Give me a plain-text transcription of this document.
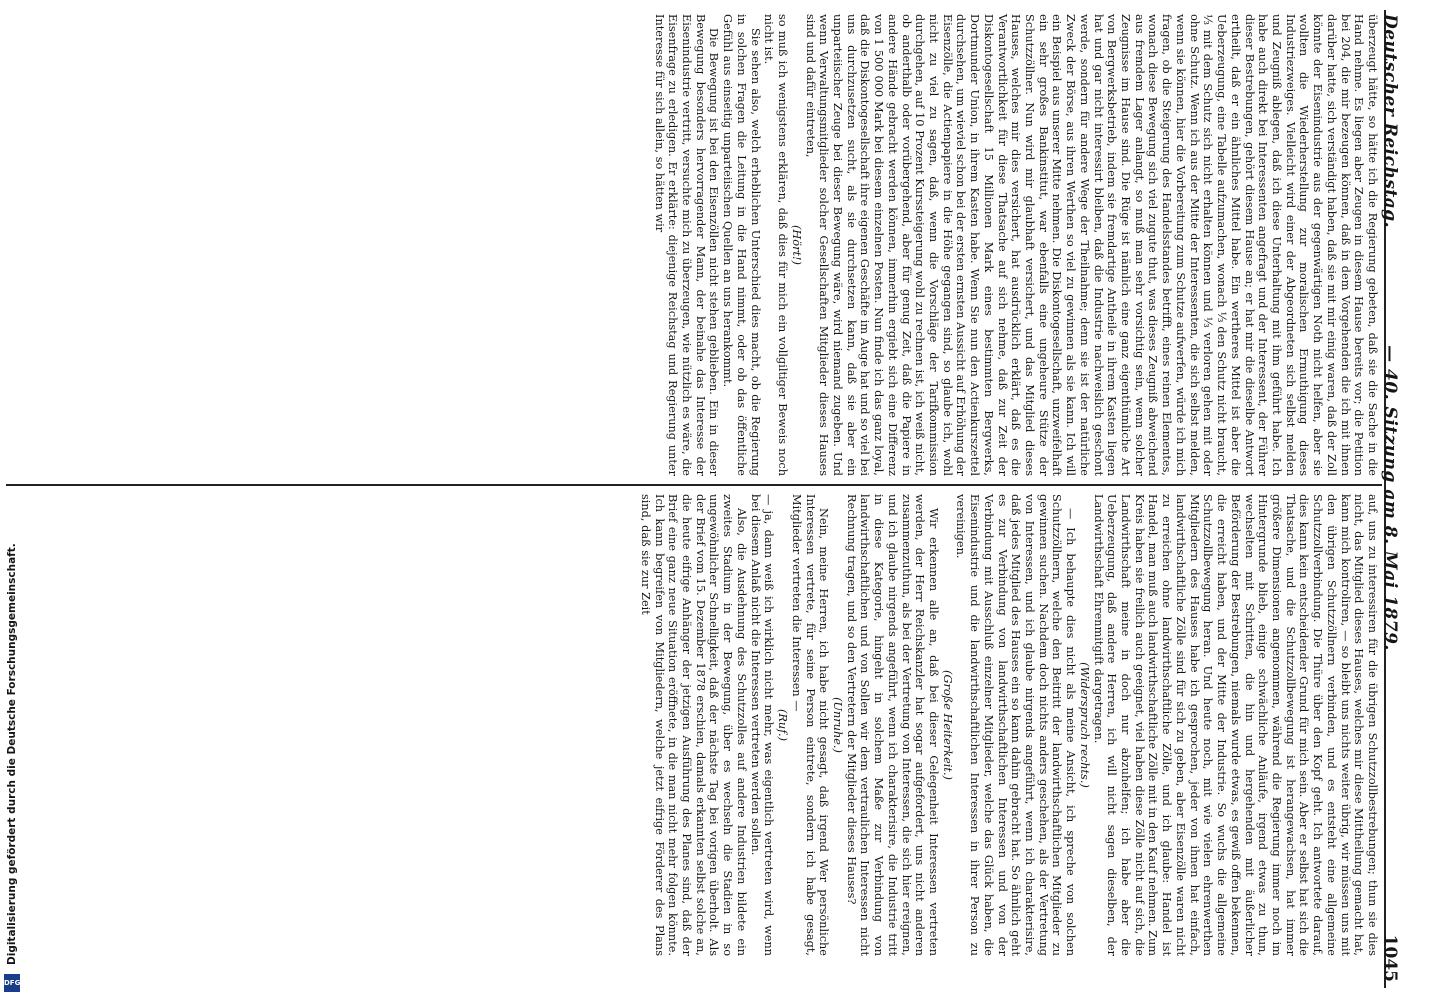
Deutscher Reichstag.
— 40. Sitzung am 8. Mai 1879.
1045

überzeugt hätte, so hätte ich die Regierung gebeten, daß sie die Sache in die Hand nehme. Es liegen aber Zeugen in diesem Hause bereits vor; die Petition bei 204, die mir bezeugen können, daß in dem Vorgehenden die ich mit ihnen darüber hatte, sich verständigt haben, daß sie mit mir einig waren, daß der Zoll könnte der Eisenindustrie aus der gegenwärtigen Noth nicht helfen, aber sie wollten die Wiederherstellung zur moralischen Ermuthigung dieses Industriezweiges. Vielleicht wird einer der Abgeordneten sich selbst melden und Zeugniß ablegen, daß ich diese Unterhaltung mit ihm geführt habe. Ich habe auch direkt bei Interessenten angefragt und der Interessent, der Führer dieser Bestrebungen, gehört diesem Hause an; er hat mir die dieselbe Antwort ertheilt, daß er ein ähnliches Mittel habe. Ein wertheres Mittel ist aber die Ueberzeugung, eine Tabelle aufzumachen, wonach ⅓ den Schutz nicht braucht, ⅓ mit dem Schutz sich nicht erhalten können und ⅓ verloren gehen mit oder ohne Schutz. Wenn ich aus der Mitte der Interessenten, die sich selbst melden, wenn sie können, hier die Vorbereitung zum Schutze aufwerfen, würde ich mich fragen, ob die Steigerung des Handelsstandes betrifft, eines reinen Elementes, wonach diese Bewegung sich viel zugute thut, was dieses Zeugniß abweichend aus fremdem Lager anlangt, so muß man sehr vorsichtig sein, wenn solcher Zeugnisse im Hause sind. Die Rüge ist nämlich eine ganz eigenthümliche Art von Bergwerksbetrieb, indem sie fremdartige Antheile in ihrem Kasten liegen hat und gar nicht interessirt bleiben, daß die Industrie nachweislich geschont werde, sondern für andere Wege der Theilnahme; denn sie ist der natürliche Zweck der Börse, aus ihren Werthen so viel zu gewinnen als sie kann. Ich will ein Beispiel aus unserer Mitte nehmen. Die Diskontogesellschaft, unzweifelhaft ein sehr großes Bankinstitut, war ebenfalls eine ungeheure Stütze der Schutzzöllner. Nun wird mir glaubhaft versichert, und das Mitglied dieses Hauses, welches mir dies versichert, hat ausdrücklich erklärt, daß es die Verantwortlichkeit für diese Thatsache auf sich nehme, daß zur Zeit der Diskontogesellschaft 15 Millionen Mark eines bestimmten Bergwerks, Dortmunder Union, in ihrem Kasten habe. Wenn Sie nun den Actienkurszettel durchsehen, um wieviel schon bei der ersten ernsten Aussicht auf Erhöhung der Eisenzölle, die Actienpapiere in die Höhe gegangen sind, so glaube ich, wohl nicht zu viel zu sagen, daß, wenn die Vorschläge der Tarifkommission durchgehen, auf 10 Prozent Kurssteigerung wohl zu rechnen ist, ich weiß nicht, ob anderthalb oder vorübergehend, aber für genug Zeit, daß die Papiere in andere Hände gebracht werden können, immerhin ergiebt sich eine Differenz von 1 500 000 Mark bei diesem einzelnen Posten. Nun finde ich das ganz loyal, daß die Diskontogesellschaft ihre eigenen Geschäfte im Auge hat und so viel bei uns durchzusetzen sucht, als sie durchsetzen kann, daß sie aber ein unparteiischer Zeuge bei dieser Bewegung wäre, wird niemand zugeben. Und wenn Verwaltungsmitglieder solcher Gesellschaften Mitglieder dieses Hauses sind und dafür eintreten,

(Hört!)

so muß ich wenigstens erklären, daß dies für mich ein vollgiltiger Beweis noch nicht ist.

Sie sehen also, welch erheblichen Unterschied dies macht, ob die Regierung in solchen Fragen die Leitung in die Hand nimmt, oder ob das öffentliche Gefühl aus einseitig unparteiischen Quellen an uns herankommt.

Die Bewegung ist bei den Eisenzöllen nicht stehen geblieben. Ein in dieser Bewegung besonders hervorragender Mann, der beinahe das Interesse der Eisenindustrie vertritt, versuchte mich zu überzeugen, wie nützlich es wäre, die Eisenfrage zu erledigen. Er erklärte: diejenige Reichstag und Regierung unter Interesse für sich allein, so hätten wir

auf, uns zu interessiren für die übrigen Schutzzollbestrebungen; thun sie dies nicht, das Mitglied dieses Hauses, welches mir diese Mittheilung gemacht hat, kann mich kontroliren, — so bleibt uns nichts weiter übrig, wir müssen uns mit den übrigen Schutzzöllnern verbinden, und es entsteht eine allgemeine Schutzzollverbindung. Die Thüre über den Kopf geht. Ich antwortete darauf, dies kann kein entscheidender Grund für mich sein. Aber er selbst hat sich die Thatsache, und die Schutzzollbewegung ist herangewachsen, hat immer größere Dimensionen angenommen, während die Regierung immer noch im Hintergrunde blieb, einige schwächliche Anläufe, irgend etwas zu thun, wechselten mit Schritten, die hin und hergehenden mit äußerlicher Beförderung der Bestrebungen, niemals wurde etwas, es gewiß offen bekennen, die erreicht haben, und der Mitte der Industrie. So wuchs die allgemeine Schutzzollbewegung heran. Und heute noch, mit wie vielen ehrenwerthen Mitgliedern des Hauses habe ich gesprochen, jeder von ihnen hat einfach, landwirthschaftliche Zölle sind für sich zu geben, aber Eisenzölle waren nicht zu erreichen ohne landwirthschaftliche Zölle, und ich glaube: Handel ist Handel, man muß auch landwirthschaftliche Zölle mit in den Kauf nehmen. Zum Kreis haben sie freilich auch geeignet, viel haben diese Zölle nicht auf sich, die Landwirthschaft meine in doch nur abzuhelfen; ich habe aber die Ueberzeugung, daß andere Herren, ich will nicht sagen dieselben, der Landwirthschaft Ehrenmitgift dargetragen.

(Widerspruch rechts.)

— Ich behaupte dies nicht als meine Ansicht, ich spreche von solchen Schutzzöllnern, welche den Beitritt der landwirthschaftlichen Mitglieder zu gewinnen suchen. Nachdem doch nichts anders geschehen, als der Vertretung von Interessen, und ich glaube nirgends angeführt, wenn ich charakterisire, daß jedes Mitglied des Hauses ein so kann dahin gebracht hat. So ähnlich geht es zur Verbindung von landwirthschaftlichen Interessen und von der Verbindung mit Ausschluß einzelner Mitglieder, welche das Glück haben, die Eisenindustrie und die landwirthschaftlichen Interessen in ihrer Person zu vereinigen.

(Große Heiterkeit.)

Wir erkennen alle an, daß bei dieser Gelegenheit Interessen vertreten werden, der Herr Reichskanzler hat sogar aufgefordert, uns nicht anderen zusammenzuthun, als bei der Vertretung von Interessen, die sich hier ereignen, und ich glaube nirgends angeführt, wenn ich charakterisire, die Industrie tritt in diese Kategorie, hingeht in solchem Maße zur Verbindung von landwirthschaftlichen und von Sollen wir dem vertraulichen Interessen nicht Rechnung tragen, und so den Vertretern der Mitglieder dieses Hauses?

(Unruhe.)

Nein, meine Herren, ich habe nicht gesagt, daß irgend Wer persönliche Interessen vertrete, für seine Person eintrete, sondern ich habe gesagt, Mitglieder vertreten die Interessen —

(Ruf.)

— ja, dann weiß ich wirklich nicht mehr, was eigentlich vertreten wird, wenn bei diesem Anlaß nicht die Interessen vertreten werden sollen.

Also, die Ausdehnung des Schutzzolles auf andere Industrien bildete ein zweites Stadium in der Bewegung, über es wechseln die Stadien in so ungewöhnlicher Schnelligkeit, daß der nächste Tag bei vorigen überholt. Als der Brief vom 15. Dezember 1878 erschien, damals erkannten selbst solche an, die heute eifrige Anhänger der jetzigen Ausführung des Planes sind, daß der Brief eine ganz neue Situation eröffnete, in die man nicht mehr folgen könnte. Ich kann begreifen von Mitgliedern, welche jetzt eifrige Förderer des Plans sind, daß sie zur Zeit

Digitalisierung gefördert durch die Deutsche Forschungsgemeinschaft.
DFG
